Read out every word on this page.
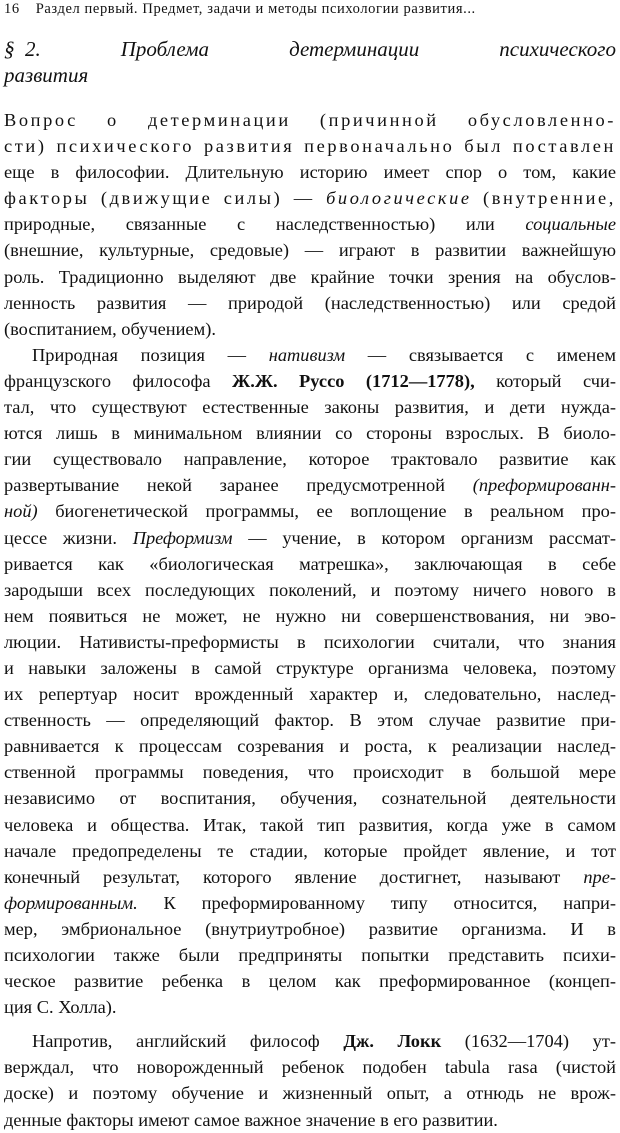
16 Раздел первый. Предмет, задачи и методы психологии развития...
§ 2.	Проблема	детерминации	психического
развития
Вопрос о детерминации (причинной обусловленно-
сти) психического развития первоначально был поставлен
еще в философии. Длительную историю имеет спор о том, какие
факторы (движущие силы) — биологические (внутренние,
природные, связанные с наследственностью) или социальные
(внешние, культурные, средовые) — играют в развитии важнейшую
роль. Традиционно выделяют две крайние точки зрения на обуслов-
ленность развития — природой (наследственностью) или средой
(воспитанием, обучением).
Природная позиция — нативизм — связывается с именем
французского философа Ж.Ж. Руссо (1712—1778), который счи-
тал, что существуют естественные законы развития, и дети нужда-
ются лишь в минимальном влиянии со стороны взрослых. В биоло-
гии существовало направление, которое трактовало развитие как
развертывание некой заранее предусмотренной (преформированн-
ной) биогенетической программы, ее воплощение в реальном про-
цессе жизни. Преформизм — учение, в котором организм рассмат-
ривается как «биологическая матрешка», заключающая в себе
зародыши всех последующих поколений, и поэтому ничего нового в
нем появиться не может, не нужно ни совершенствования, ни эво-
люции. Нативисты-преформисты в психологии считали, что знания
и навыки заложены в самой структуре организма человека, поэтому
их репертуар носит врожденный характер и, следовательно, наслед-
ственность — определяющий фактор. В этом случае развитие при-
равнивается к процессам созревания и роста, к реализации наслед-
ственной программы поведения, что происходит в большой мере
независимо от воспитания, обучения, сознательной деятельности
человека и общества. Итак, такой тип развития, когда уже в самом
начале предопределены те стадии, которые пройдет явление, и тот
конечный результат, которого явление достигнет, называют пре-
формированным. К преформированному типу относится, напри-
мер, эмбриональное (внутриутробное) развитие организма. И в
психологии также были предприняты попытки представить психи-
ческое развитие ребенка в целом как преформированное (концеп-
ция С. Холла).
Напротив, английский философ Дж. Локк (1632—1704) ут-
верждал, что новорожденный ребенок подобен tabula rasa (чистой
доске) и поэтому обучение и жизненный опыт, а отнюдь не врож-
денные факторы имеют самое важное значение в его развитии.
